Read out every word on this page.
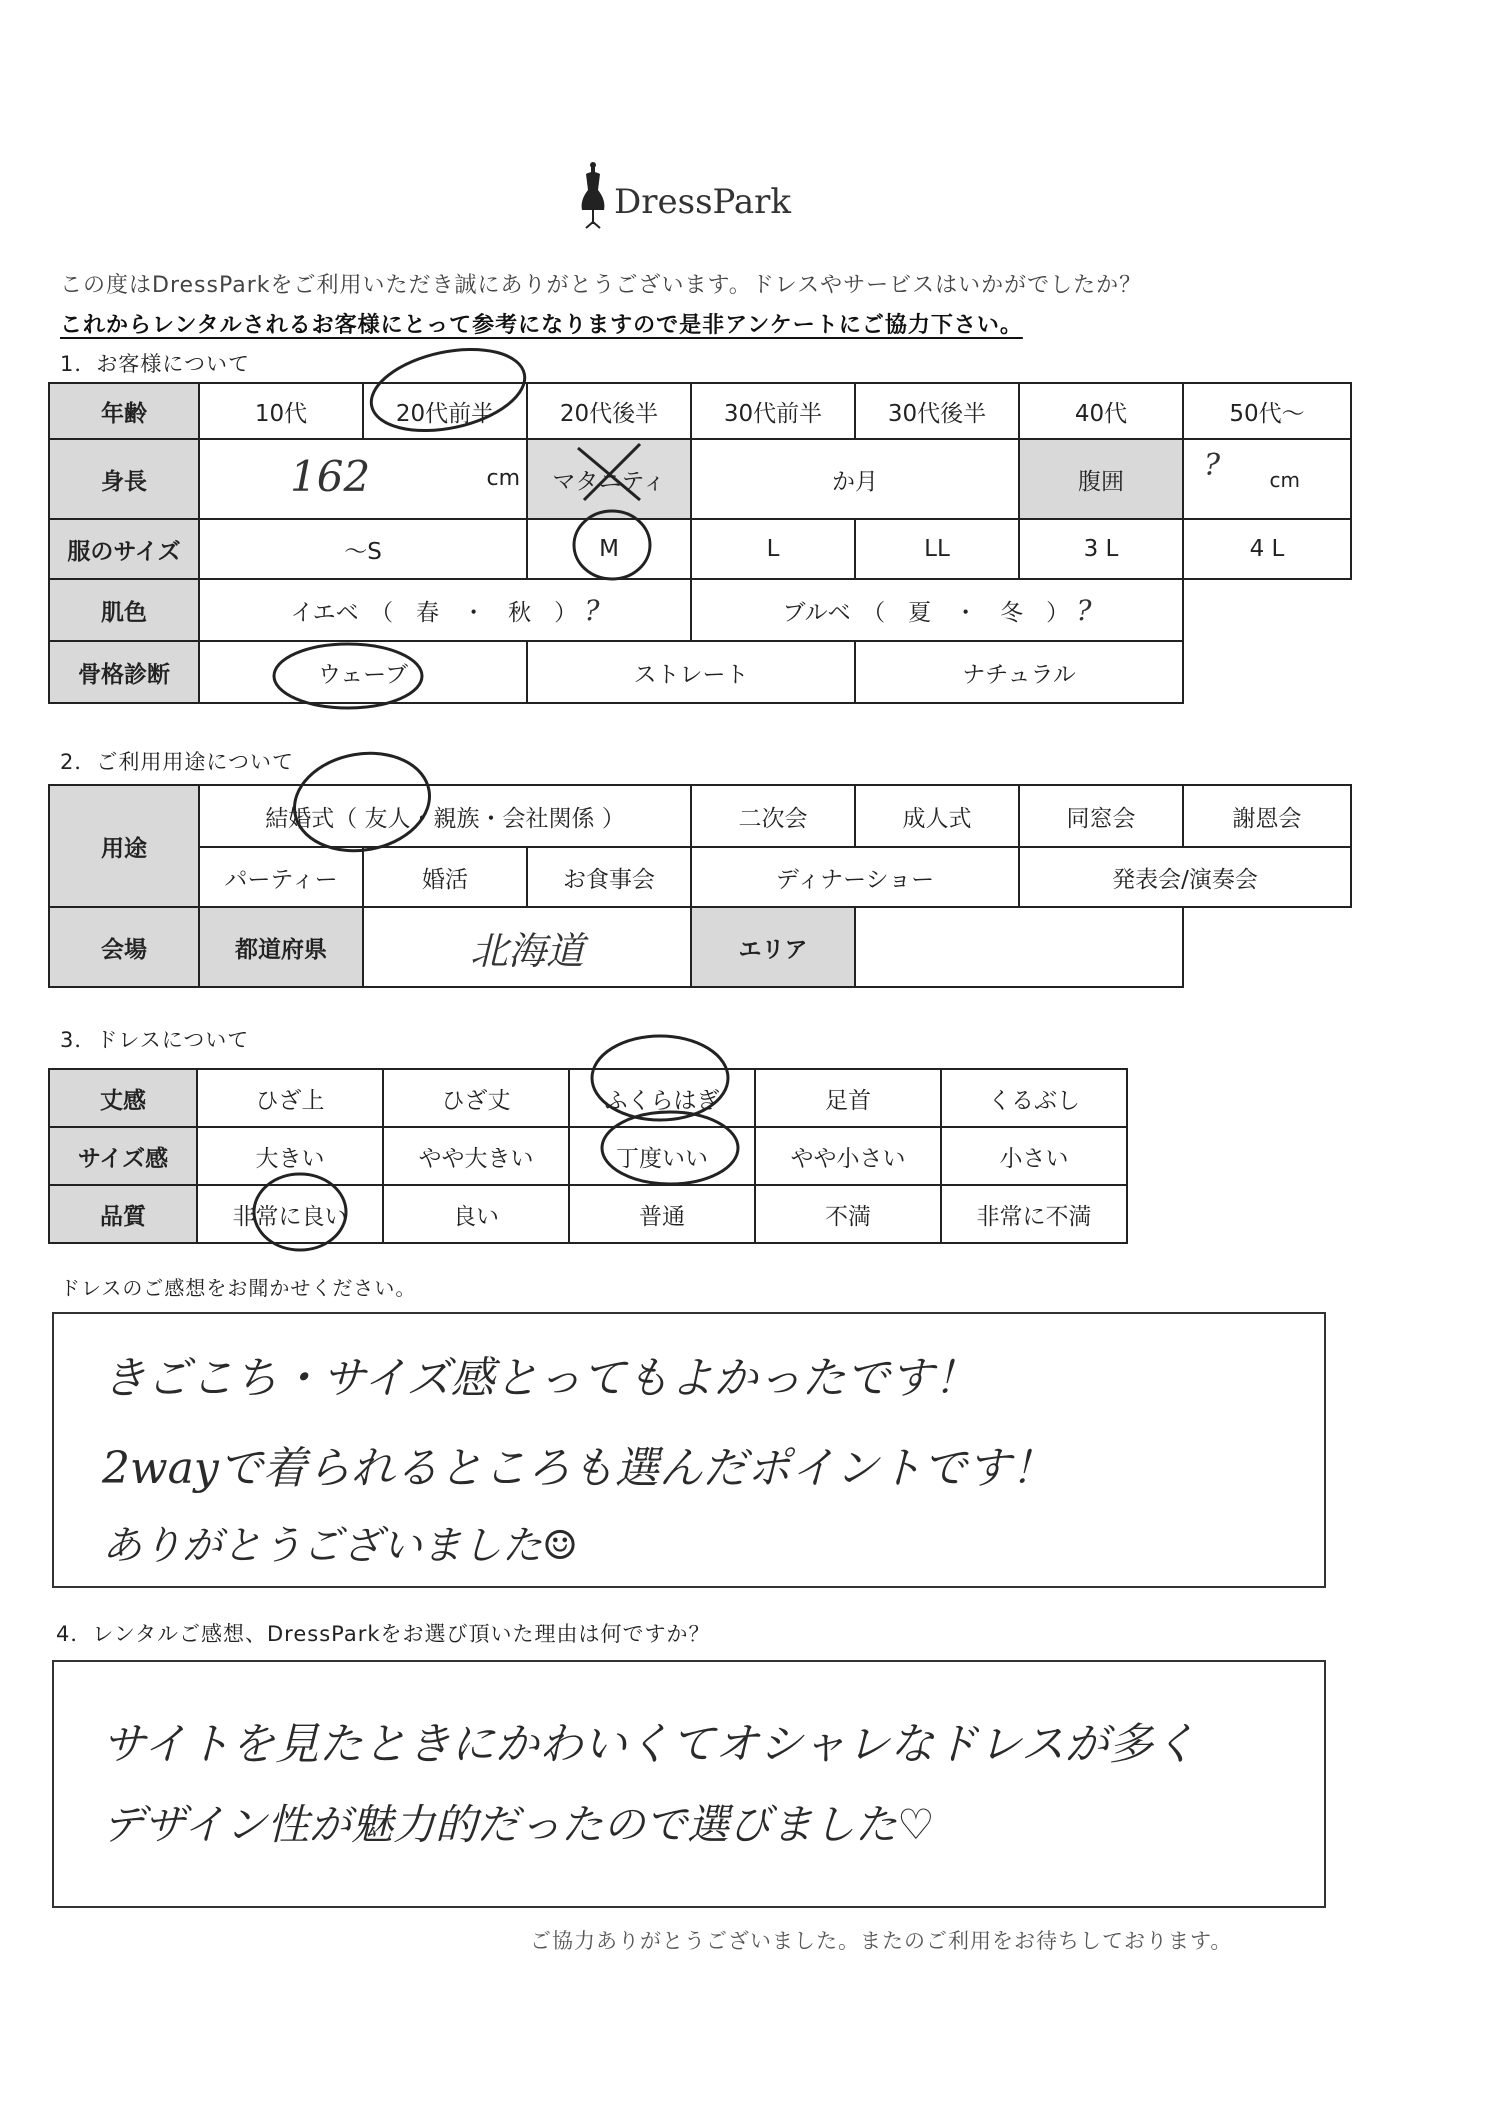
DressPark
この度はDressParkをご利用いただき誠にありがとうございます。ドレスやサービスはいかがでしたか？
これからレンタルされるお客様にとって参考になりますので是非アンケートにご協力下さい。
1．お客様について
年齢	10代	20代前半	20代後半	30代前半	30代後半	40代	50代～
身長	162 cm		マタニティ	か月		腹囲	? cm

服のサイズ	～S		M	L	LL	3 L	4 L
肌色	イエベ　（　春　・　秋　） ?			ブルベ　（　夏　・　冬　） ?			
骨格診断	ウェーブ		ストレート		ナチュラル		
2．ご利用用途について
用途	結婚式（ 友人・親族・会社関係 ）			二次会	成人式	同窓会	謝恩会
	パーティー	婚活	お食事会	ディナーショー		発表会/演奏会	
会場	都道府県	北海道		エリア			
3．ドレスについて
丈感	ひざ上	ひざ丈	ふくらはぎ	足首	くるぶし
サイズ感	大きい	やや大きい	丁度いい	やや小さい	小さい
品質	非常に良い	良い	普通	不満	非常に不満
ドレスのご感想をお聞かせください。
きごこち・サイズ感とってもよかったです！
2wayで着られるところも選んだポイントです！
ありがとうございました☺
4．レンタルご感想、DressParkをお選び頂いた理由は何ですか？
サイトを見たときにかわいくてオシャレなドレスが多く
デザイン性が魅力的だったので選びました♡
ご協力ありがとうございました。またのご利用をお待ちしております。
